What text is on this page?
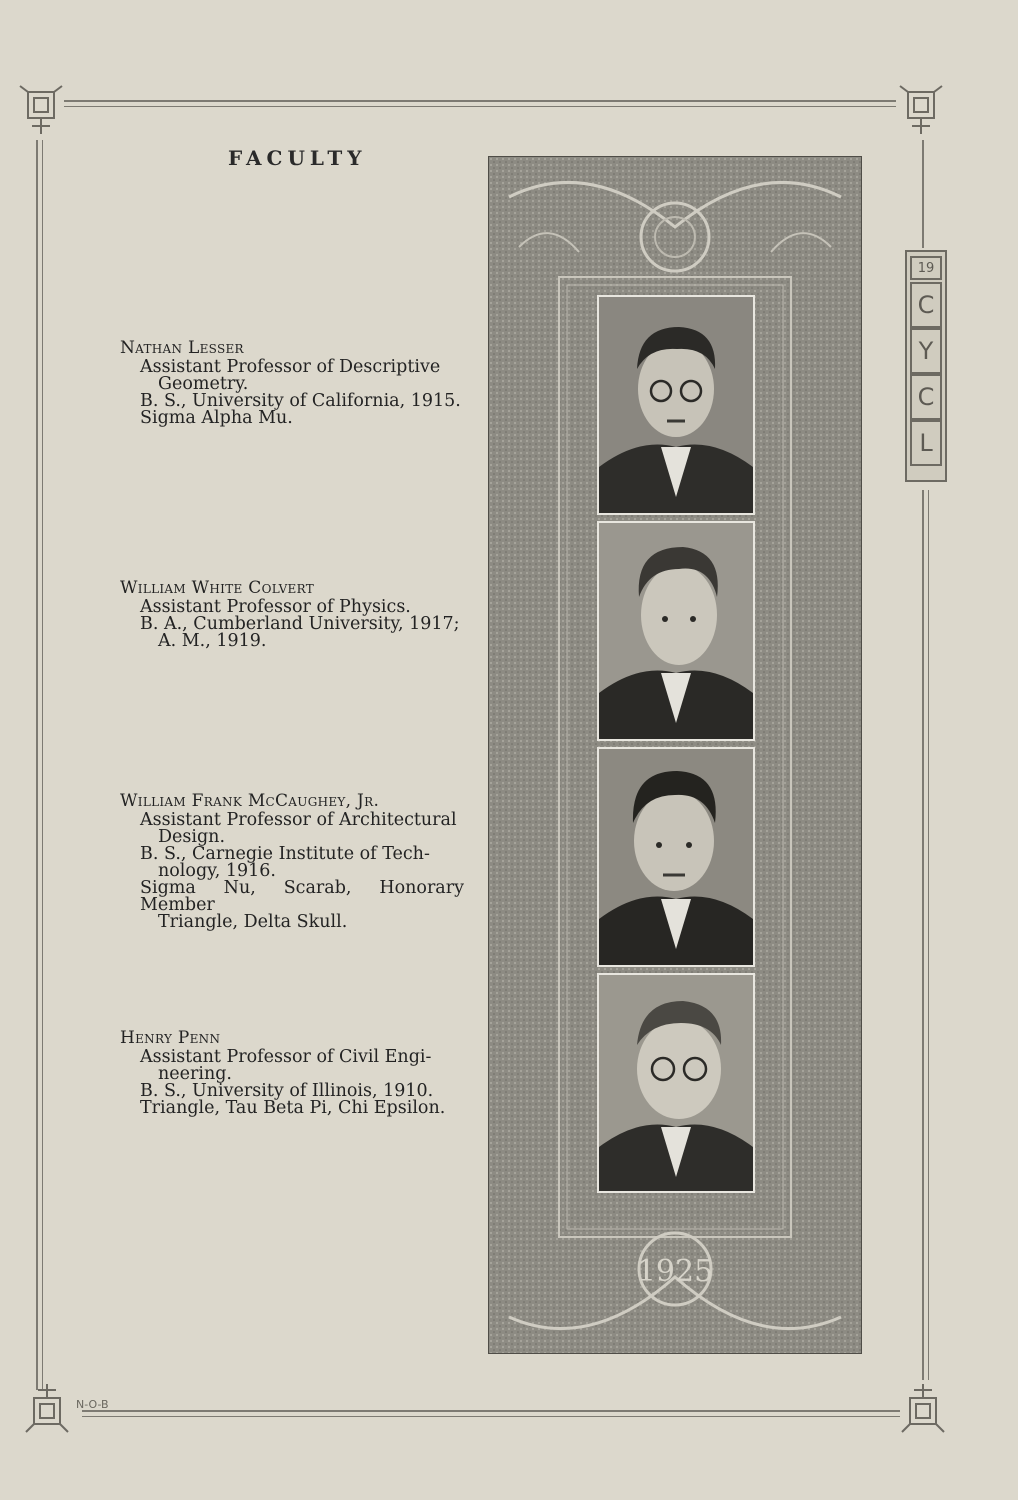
19
C
Y
C
L
FACULTY
Nathan Lesser
Assistant Professor of Descriptive
Geometry.
B. S., University of California, 1915.
Sigma Alpha Mu.
William White Colvert
Assistant Professor of Physics.
B. A., Cumberland University, 1917;
A. M., 1919.
William Frank McCaughey, Jr.
Assistant Professor of Architectural
Design.
B. S., Carnegie Institute of Tech-
nology, 1916.
Sigma Nu, Scarab, Honorary Member
Triangle, Delta Skull.
Henry Penn
Assistant Professor of Civil Engi-
neering.
B. S., University of Illinois, 1910.
Triangle, Tau Beta Pi, Chi Epsilon.
1925
N-O-B
